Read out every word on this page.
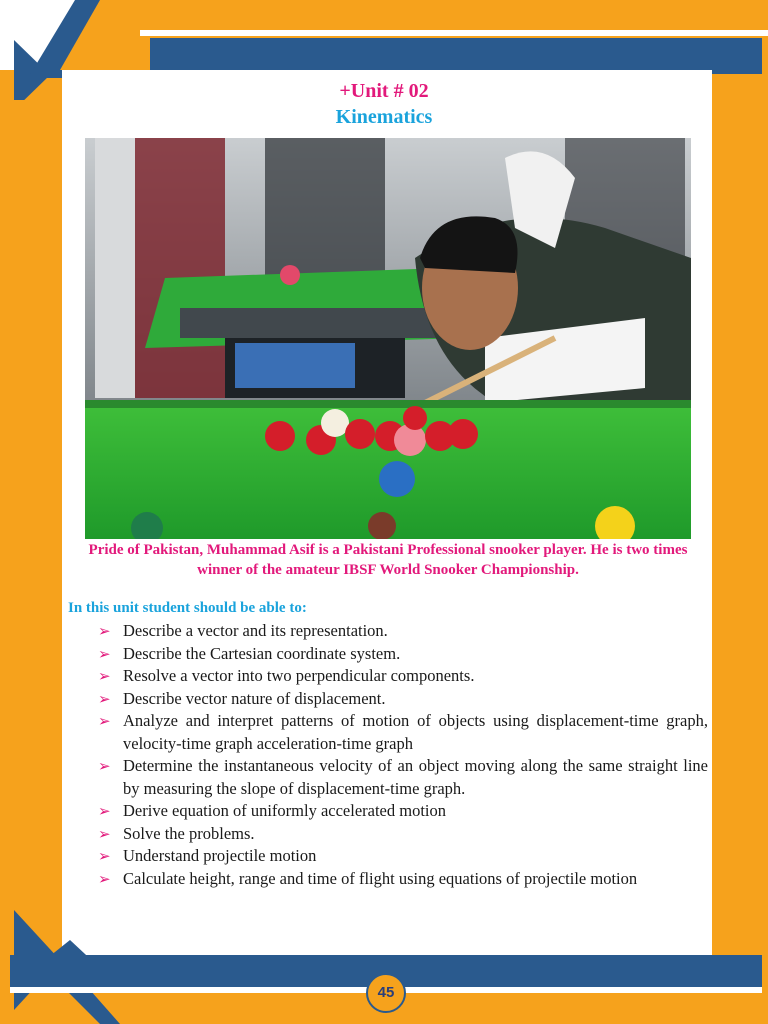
+Unit # 02
Kinematics
Pride of Pakistan, Muhammad Asif is a Pakistani Professional snooker player. He is two times winner of the amateur IBSF World Snooker Championship.
In this unit student should be able to:
➢ Describe a vector and its representation.
➢ Describe the Cartesian coordinate system.
➢ Resolve a vector into two perpendicular components.
➢ Describe vector nature of displacement.
➢ Analyze and interpret patterns of motion of objects using displacement-time graph, velocity-time graph acceleration-time graph
➢ Determine the instantaneous velocity of an object moving along the same straight line by measuring the slope of displacement-time graph.
➢ Derive equation of uniformly accelerated motion
➢ Solve the problems.
➢ Understand projectile motion
➢ Calculate height, range and time of flight using equations of projectile motion
45
